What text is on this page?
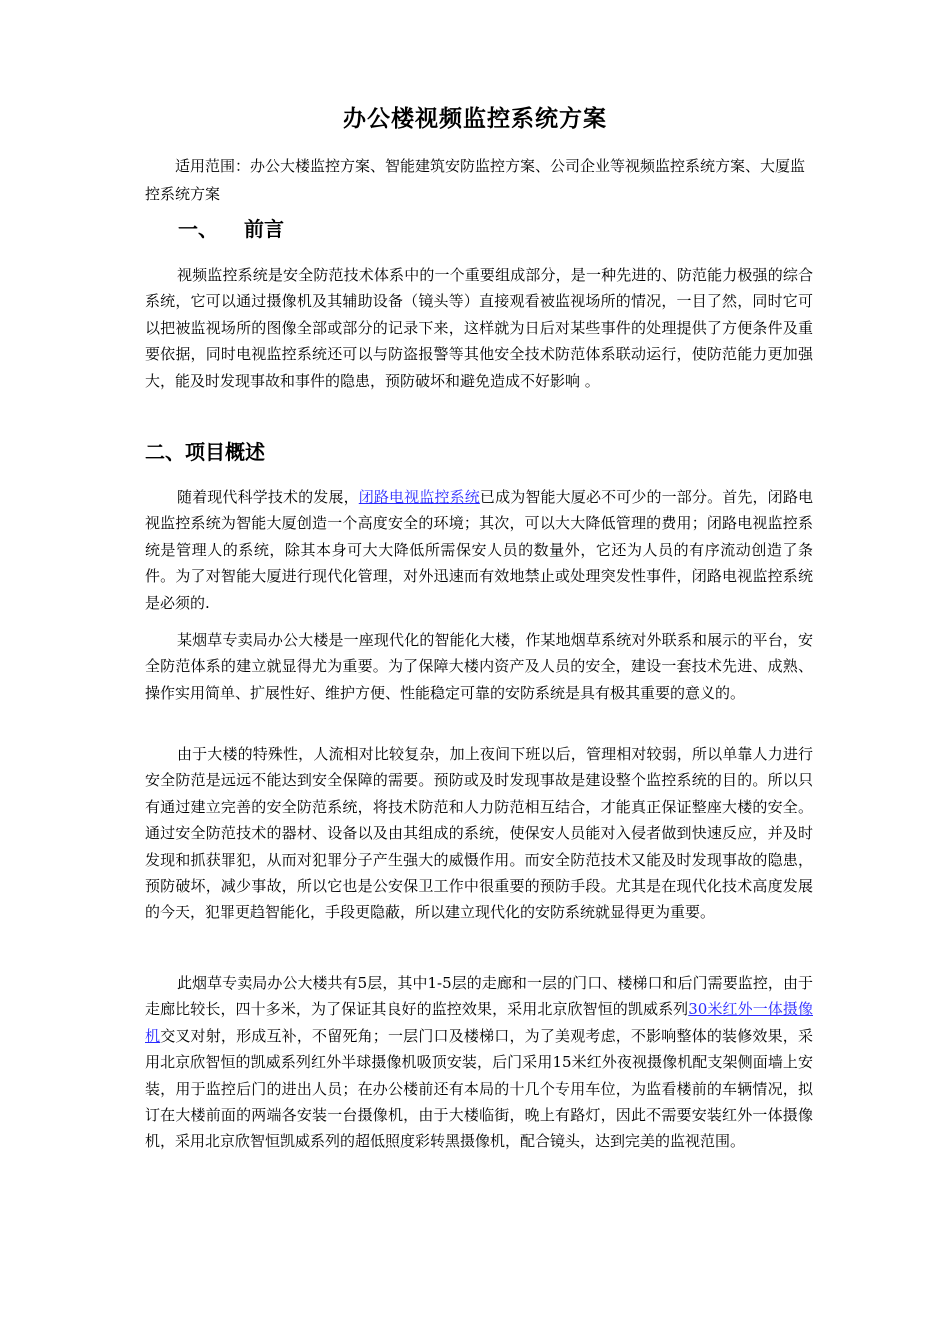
办公楼视频监控系统方案
适用范围：办公大楼监控方案、智能建筑安防监控方案、公司企业等视频监控系统方案、大厦监控系统方案
一、 前言
视频监控系统是安全防范技术体系中的一个重要组成部分，是一种先进的、防范能力极强的综合系统，它可以通过摄像机及其辅助设备（镜头等）直接观看被监视场所的情况，一目了然，同时它可以把被监视场所的图像全部或部分的记录下来，这样就为日后对某些事件的处理提供了方便条件及重要依据，同时电视监控系统还可以与防盗报警等其他安全技术防范体系联动运行，使防范能力更加强大，能及时发现事故和事件的隐患，预防破坏和避免造成不好影响 。
二、项目概述
随着现代科学技术的发展，闭路电视监控系统已成为智能大厦必不可少的一部分。首先，闭路电视监控系统为智能大厦创造一个高度安全的环境；其次，可以大大降低管理的费用；闭路电视监控系统是管理人的系统，除其本身可大大降低所需保安人员的数量外，它还为人员的有序流动创造了条件。为了对智能大厦进行现代化管理，对外迅速而有效地禁止或处理突发性事件，闭路电视监控系统是必须的.
某烟草专卖局办公大楼是一座现代化的智能化大楼，作某地烟草系统对外联系和展示的平台，安全防范体系的建立就显得尤为重要。为了保障大楼内资产及人员的安全，建设一套技术先进、成熟、操作实用简单、扩展性好、维护方便、性能稳定可靠的安防系统是具有极其重要的意义的。
由于大楼的特殊性，人流相对比较复杂，加上夜间下班以后，管理相对较弱，所以单靠人力进行安全防范是远远不能达到安全保障的需要。预防或及时发现事故是建设整个监控系统的目的。所以只有通过建立完善的安全防范系统，将技术防范和人力防范相互结合，才能真正保证整座大楼的安全。通过安全防范技术的器材、设备以及由其组成的系统，使保安人员能对入侵者做到快速反应，并及时发现和抓获罪犯，从而对犯罪分子产生强大的威慑作用。而安全防范技术又能及时发现事故的隐患，预防破坏，减少事故，所以它也是公安保卫工作中很重要的预防手段。尤其是在现代化技术高度发展的今天，犯罪更趋智能化，手段更隐蔽，所以建立现代化的安防系统就显得更为重要。
此烟草专卖局办公大楼共有5层，其中1-5层的走廊和一层的门口、楼梯口和后门需要监控，由于走廊比较长，四十多米，为了保证其良好的监控效果，采用北京欣智恒的凯威系列30米红外一体摄像机交叉对射，形成互补，不留死角；一层门口及楼梯口，为了美观考虑，不影响整体的装修效果，采用北京欣智恒的凯威系列红外半球摄像机吸顶安装，后门采用15米红外夜视摄像机配支架侧面墙上安装，用于监控后门的进出人员；在办公楼前还有本局的十几个专用车位，为监看楼前的车辆情况，拟订在大楼前面的两端各安装一台摄像机，由于大楼临街，晚上有路灯，因此不需要安装红外一体摄像机，采用北京欣智恒凯威系列的超低照度彩转黑摄像机，配合镜头，达到完美的监视范围。
